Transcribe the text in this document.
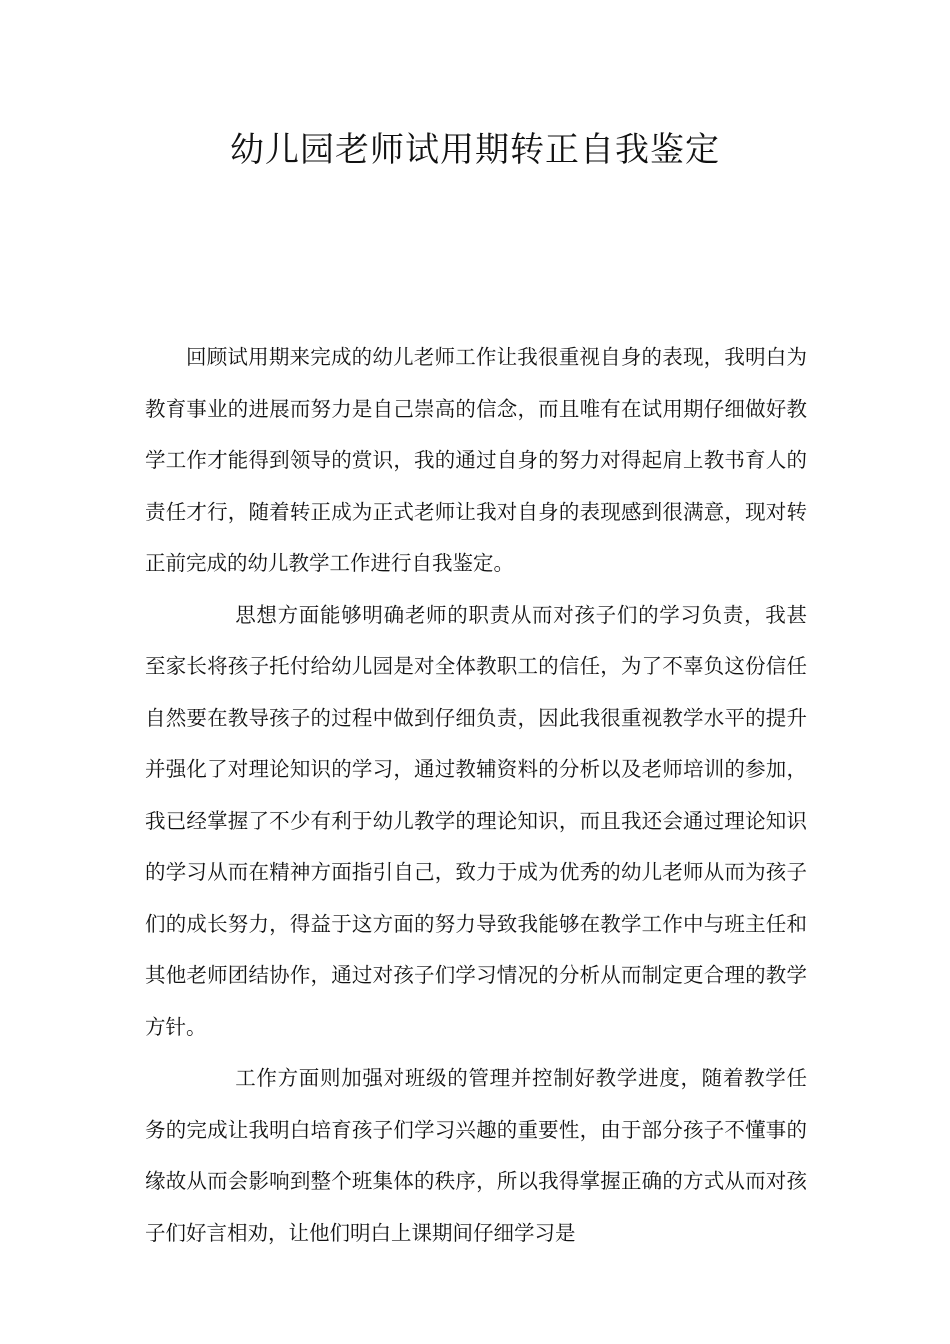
幼儿园老师试用期转正自我鉴定

回顾试用期来完成的幼儿老师工作让我很重视自身的表现，我明白为教育事业的进展而努力是自己崇高的信念，而且唯有在试用期仔细做好教学工作才能得到领导的赏识，我的通过自身的努力对得起肩上教书育人的责任才行，随着转正成为正式老师让我对自身的表现感到很满意，现对转正前完成的幼儿教学工作进行自我鉴定。

思想方面能够明确老师的职责从而对孩子们的学习负责，我甚至家长将孩子托付给幼儿园是对全体教职工的信任，为了不辜负这份信任自然要在教导孩子的过程中做到仔细负责，因此我很重视教学水平的提升并强化了对理论知识的学习，通过教辅资料的分析以及老师培训的参加，我已经掌握了不少有利于幼儿教学的理论知识，而且我还会通过理论知识的学习从而在精神方面指引自己，致力于成为优秀的幼儿老师从而为孩子们的成长努力，得益于这方面的努力导致我能够在教学工作中与班主任和其他老师团结协作，通过对孩子们学习情况的分析从而制定更合理的教学方针。

工作方面则加强对班级的管理并控制好教学进度，随着教学任务的完成让我明白培育孩子们学习兴趣的重要性，由于部分孩子不懂事的缘故从而会影响到整个班集体的秩序，所以我得掌握正确的方式从而对孩子们好言相劝，让他们明白上课期间仔细学习是
